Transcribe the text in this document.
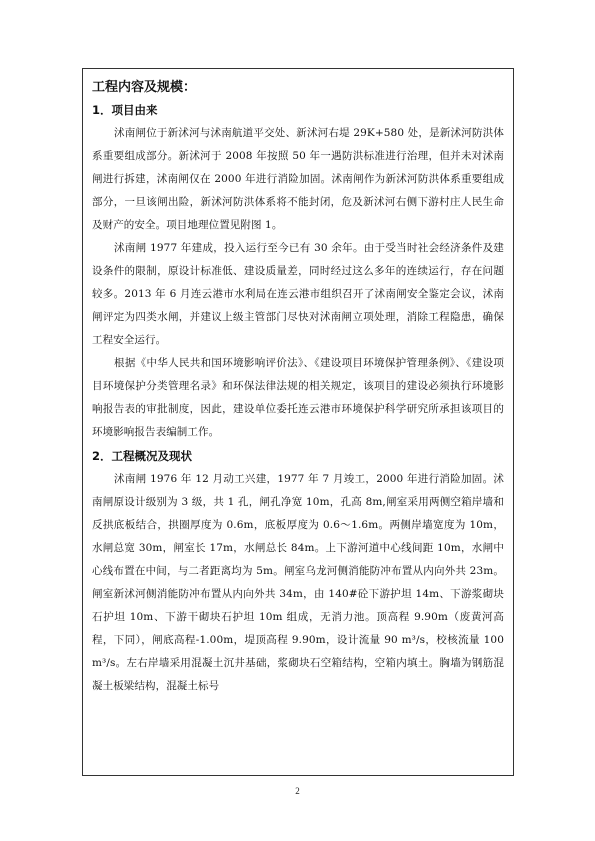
工程内容及规模：

1．项目由来

沭南闸位于新沭河与沭南航道平交处、新沭河右堤 29K+580 处，是新沭河防洪体系重要组成部分。新沭河于 2008 年按照 50 年一遇防洪标准进行治理，但并未对沭南闸进行拆建，沭南闸仅在 2000 年进行消险加固。沭南闸作为新沭河防洪体系重要组成部分，一旦该闸出险，新沭河防洪体系将不能封闭，危及新沭河右侧下游村庄人民生命及财产的安全。项目地理位置见附图 1。

沭南闸 1977 年建成，投入运行至今已有 30 余年。由于受当时社会经济条件及建设条件的限制，原设计标准低、建设质量差，同时经过这么多年的连续运行，存在问题较多。2013 年 6 月连云港市水利局在连云港市组织召开了沭南闸安全鉴定会议，沭南闸评定为四类水闸，并建议上级主管部门尽快对沭南闸立项处理，消除工程隐患，确保工程安全运行。

根据《中华人民共和国环境影响评价法》、《建设项目环境保护管理条例》、《建设项目环境保护分类管理名录》和环保法律法规的相关规定，该项目的建设必须执行环境影响报告表的审批制度，因此，建设单位委托连云港市环境保护科学研究所承担该项目的环境影响报告表编制工作。

2．工程概况及现状

沭南闸 1976 年 12 月动工兴建，1977 年 7 月竣工，2000 年进行消险加固。沭南闸原设计级别为 3 级，共 1 孔，闸孔净宽 10m，孔高 8m,闸室采用两侧空箱岸墙和反拱底板结合，拱圈厚度为 0.6m，底板厚度为 0.6～1.6m。两侧岸墙宽度为 10m，水闸总宽 30m，闸室长 17m，水闸总长 84m。上下游河道中心线间距 10m，水闸中心线布置在中间，与二者距离均为 5m。闸室乌龙河侧消能防冲布置从内向外共 23m。闸室新沭河侧消能防冲布置从内向外共 34m，由 140#砼下游护坦 14m、下游浆砌块石护坦 10m、下游干砌块石护坦 10m 组成，无消力池。顶高程 9.90m（废黄河高程，下同），闸底高程-1.00m，堤顶高程 9.90m，设计流量 90 m³/s，校核流量 100 m³/s。左右岸墙采用混凝土沉井基础，浆砌块石空箱结构，空箱内填土。胸墙为钢筋混凝土板梁结构，混凝土标号

2
